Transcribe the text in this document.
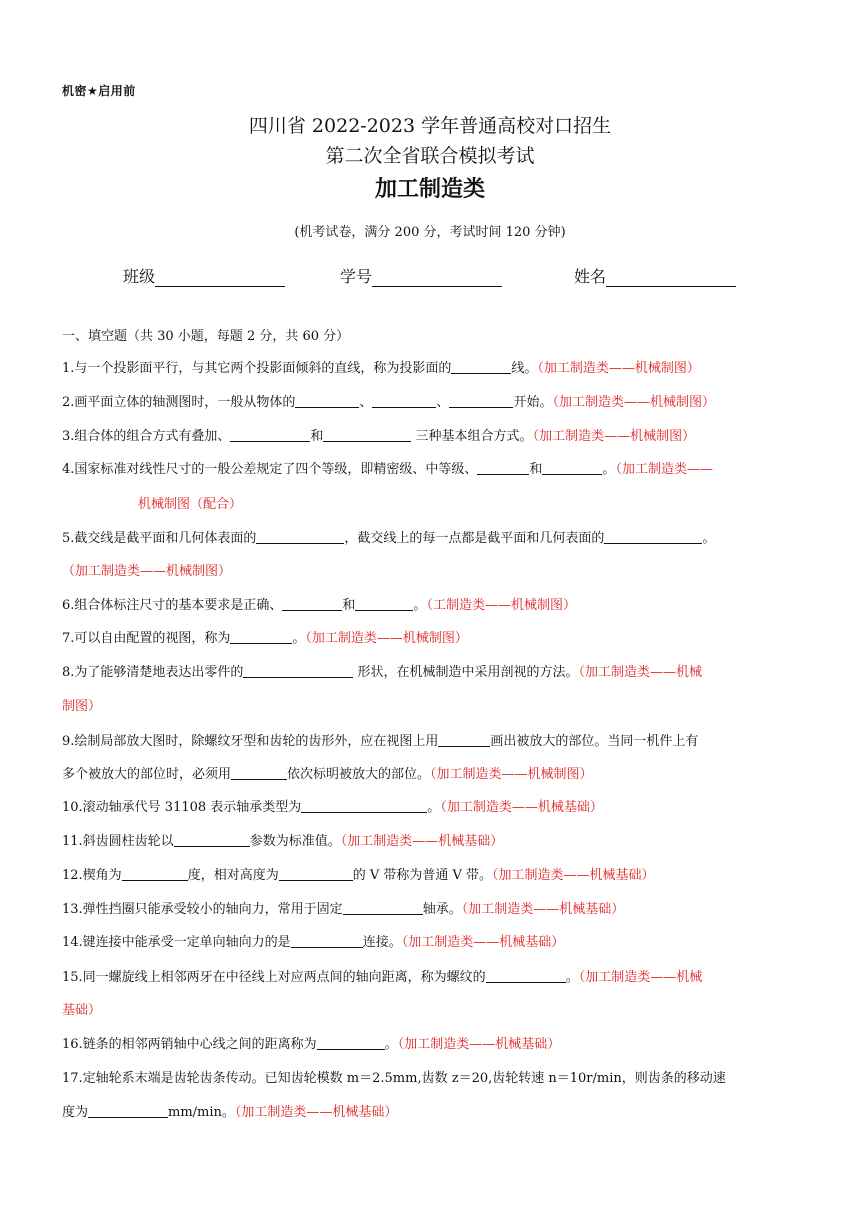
机密★启用前
四川省 2022-2023 学年普通高校对口招生
第二次全省联合模拟考试
加工制造类
(机考试卷，满分 200 分，考试时间 120 分钟)
班级	学号	姓名
一、填空题（共 30 小题，每题 2 分，共 60 分）
1.与一个投影面平行，与其它两个投影面倾斜的直线，称为投影面的	线。（加工制造类——机械制图）
2.画平面立体的轴测图时，一般从物体的	、	、	开始。（加工制造类——机械制图）
3.组合体的组合方式有叠加、	和	三种基本组合方式。（加工制造类——机械制图）
4.国家标准对线性尺寸的一般公差规定了四个等级，即精密级、中等级、	和	。（加工制造类——
机械制图（配合）
5.截交线是截平面和几何体表面的	，截交线上的每一点都是截平面和几何表面的	。
（加工制造类——机械制图）
6.组合体标注尺寸的基本要求是正确、	和	。（工制造类——机械制图）
7.可以自由配置的视图，称为	。（加工制造类——机械制图）
8.为了能够清楚地表达出零件的	形状，在机械制造中采用剖视的方法。（加工制造类——机械
制图）
9.绘制局部放大图时，除螺纹牙型和齿轮的齿形外，应在视图上用	画出被放大的部位。当同一机件上有
多个被放大的部位时，必须用	依次标明被放大的部位。（加工制造类——机械制图）
10.滚动轴承代号 31108 表示轴承类型为	。（加工制造类——机械基础）
11.斜齿圆柱齿轮以	参数为标准值。（加工制造类——机械基础）
12.楔角为	度，相对高度为	的 V 带称为普通 V 带。（加工制造类——机械基础）
13.弹性挡圈只能承受较小的轴向力，常用于固定	轴承。（加工制造类——机械基础）
14.键连接中能承受一定单向轴向力的是	连接。（加工制造类——机械基础）
15.同一螺旋线上相邻两牙在中径线上对应两点间的轴向距离，称为螺纹的	。（加工制造类——机械
基础）
16.链条的相邻两销轴中心线之间的距离称为	。（加工制造类——机械基础）
17.定轴轮系末端是齿轮齿条传动。已知齿轮模数 m＝2.5mm,齿数 z＝20,齿轮转速 n＝10r/min，则齿条的移动速
度为	mm/min。（加工制造类——机械基础）
